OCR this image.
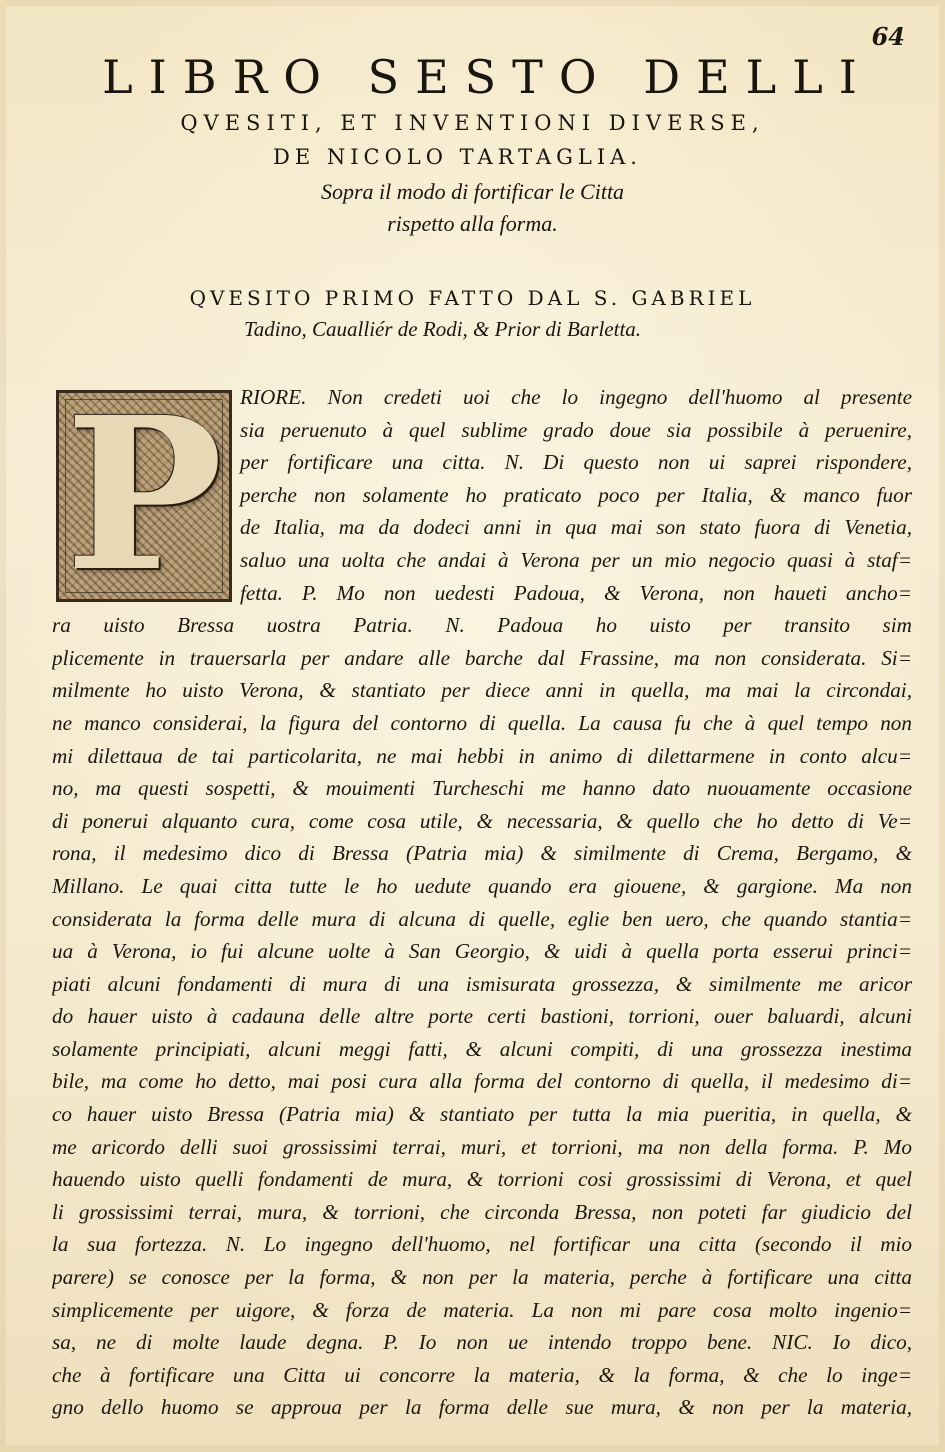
64

LIBRO SESTO DELLI

QVESITI, ET INVENTIONI DIVERSE,

DE NICOLO TARTAGLIA.

Sopra il modo di fortificar le Citta

rispetto alla forma.

QVESITO PRIMO FATTO DAL S. GABRIEL

Tadino, Caualliér de Rodi, & Prior di Barletta.

P RIORE. Non credeti uoi che lo ingegno dell'huomo al presente
sia peruenuto à quel sublime grado doue sia possibile à peruenire,
per fortificare una citta. N. Di questo non ui saprei rispondere,
perche non solamente ho praticato poco per Italia, & manco fuor
de Italia, ma da dodeci anni in qua mai son stato fuora di Venetia,
saluo una uolta che andai à Verona per un mio negocio quasi à staf=
fetta. P. Mo non uedesti Padoua, & Verona, non haueti ancho=
ra uisto Bressa uostra Patria. N. Padoua ho uisto per transito sim
plicemente in trauersarla per andare alle barche dal Frassine, ma non considerata. Si=
milmente ho uisto Verona, & stantiato per diece anni in quella, ma mai la circondai,
ne manco considerai, la figura del contorno di quella. La causa fu che à quel tempo non
mi dilettaua de tai particolarita, ne mai hebbi in animo di dilettarmene in conto alcu=
no, ma questi sospetti, & mouimenti Turcheschi me hanno dato nuouamente occasione
di ponerui alquanto cura, come cosa utile, & necessaria, & quello che ho detto di Ve=
rona, il medesimo dico di Bressa (Patria mia) & similmente di Crema, Bergamo, &
Millano. Le quai citta tutte le ho uedute quando era giouene, & gargione. Ma non
considerata la forma delle mura di alcuna di quelle, eglie ben uero, che quando stantia=
ua à Verona, io fui alcune uolte à San Georgio, & uidi à quella porta esserui princi=
piati alcuni fondamenti di mura di una ismisurata grossezza, & similmente me aricor
do hauer uisto à cadauna delle altre porte certi bastioni, torrioni, ouer baluardi, alcuni
solamente principiati, alcuni meggi fatti, & alcuni compiti, di una grossezza inestima
bile, ma come ho detto, mai posi cura alla forma del contorno di quella, il medesimo di=
co hauer uisto Bressa (Patria mia) & stantiato per tutta la mia pueritia, in quella, &
me aricordo delli suoi grossissimi terrai, muri, et torrioni, ma non della forma. P. Mo
hauendo uisto quelli fondamenti de mura, & torrioni cosi grossissimi di Verona, et quel
li grossissimi terrai, mura, & torrioni, che circonda Bressa, non poteti far giudicio del
la sua fortezza. N. Lo ingegno dell'huomo, nel fortificar una citta (secondo il mio
parere) se conosce per la forma, & non per la materia, perche à fortificare una citta
simplicemente per uigore, & forza de materia. La non mi pare cosa molto ingenio=
sa, ne di molte laude degna. P. Io non ue intendo troppo bene. NIC. Io dico,
che à fortificare una Citta ui concorre la materia, & la forma, & che lo inge=
gno dello huomo se approua per la forma delle sue mura, & non per la materia,
